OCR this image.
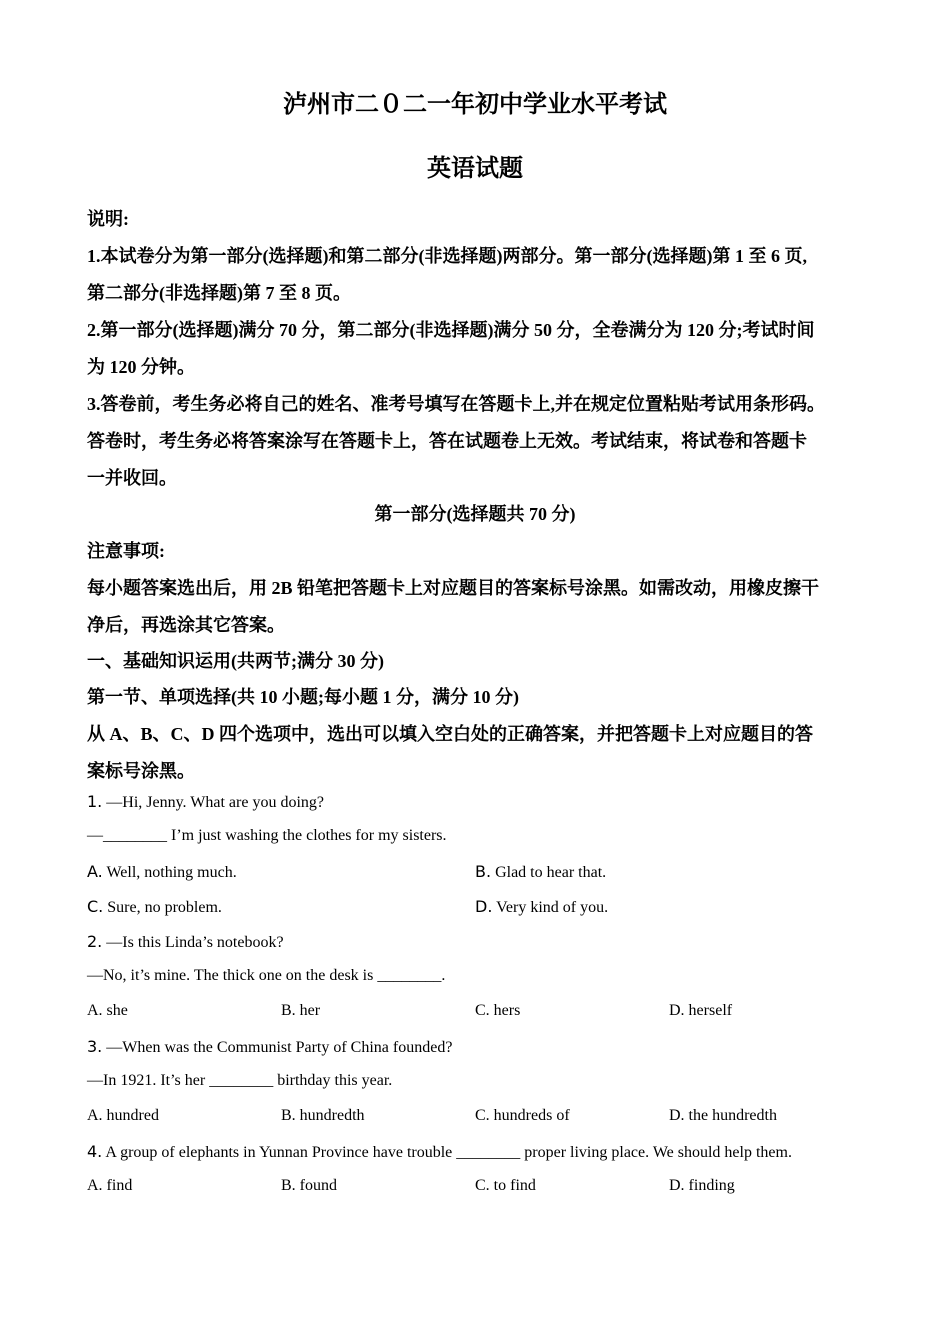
泸州市二０二一年初中学业水平考试
英语试题
说明:
1.本试卷分为第一部分(选择题)和第二部分(非选择题)两部分。第一部分(选择题)第 1 至 6 页,
第二部分(非选择题)第 7 至 8 页。
2.第一部分(选择题)满分 70 分，第二部分(非选择题)满分 50 分，全卷满分为 120 分;考试时间
为 120 分钟。
3.答卷前，考生务必将自己的姓名、准考号填写在答题卡上,并在规定位置粘贴考试用条形码。
答卷时，考生务必将答案涂写在答题卡上，答在试题卷上无效。考试结束，将试卷和答题卡
一并收回。
第一部分(选择题共 70 分)
注意事项:
每小题答案选出后，用 2B 铅笔把答题卡上对应题目的答案标号涂黑。如需改动，用橡皮擦干
净后，再选涂其它答案。
一、基础知识运用(共两节;满分 30 分)
第一节、单项选择(共 10 小题;每小题 1 分，满分 10 分)
从 A、B、C、D 四个选项中，选出可以填入空白处的正确答案，并把答题卡上对应题目的答
案标号涂黑。
1. —Hi, Jenny. What are you doing?
—________ I’m just washing the clothes for my sisters.
A. Well, nothing much.	B. Glad to hear that.
C. Sure, no problem.	D. Very kind of you.
2. —Is this Linda’s notebook?
—No, it’s mine. The thick one on the desk is ________.
A. she	B. her	C. hers	D. herself
3. —When was the Communist Party of China founded?
—In 1921. It’s her ________ birthday this year.
A. hundred	B. hundredth	C. hundreds of	D. the hundredth
4. A group of elephants in Yunnan Province have trouble ________ proper living place. We should help them.
A. find	B. found	C. to find	D. finding
